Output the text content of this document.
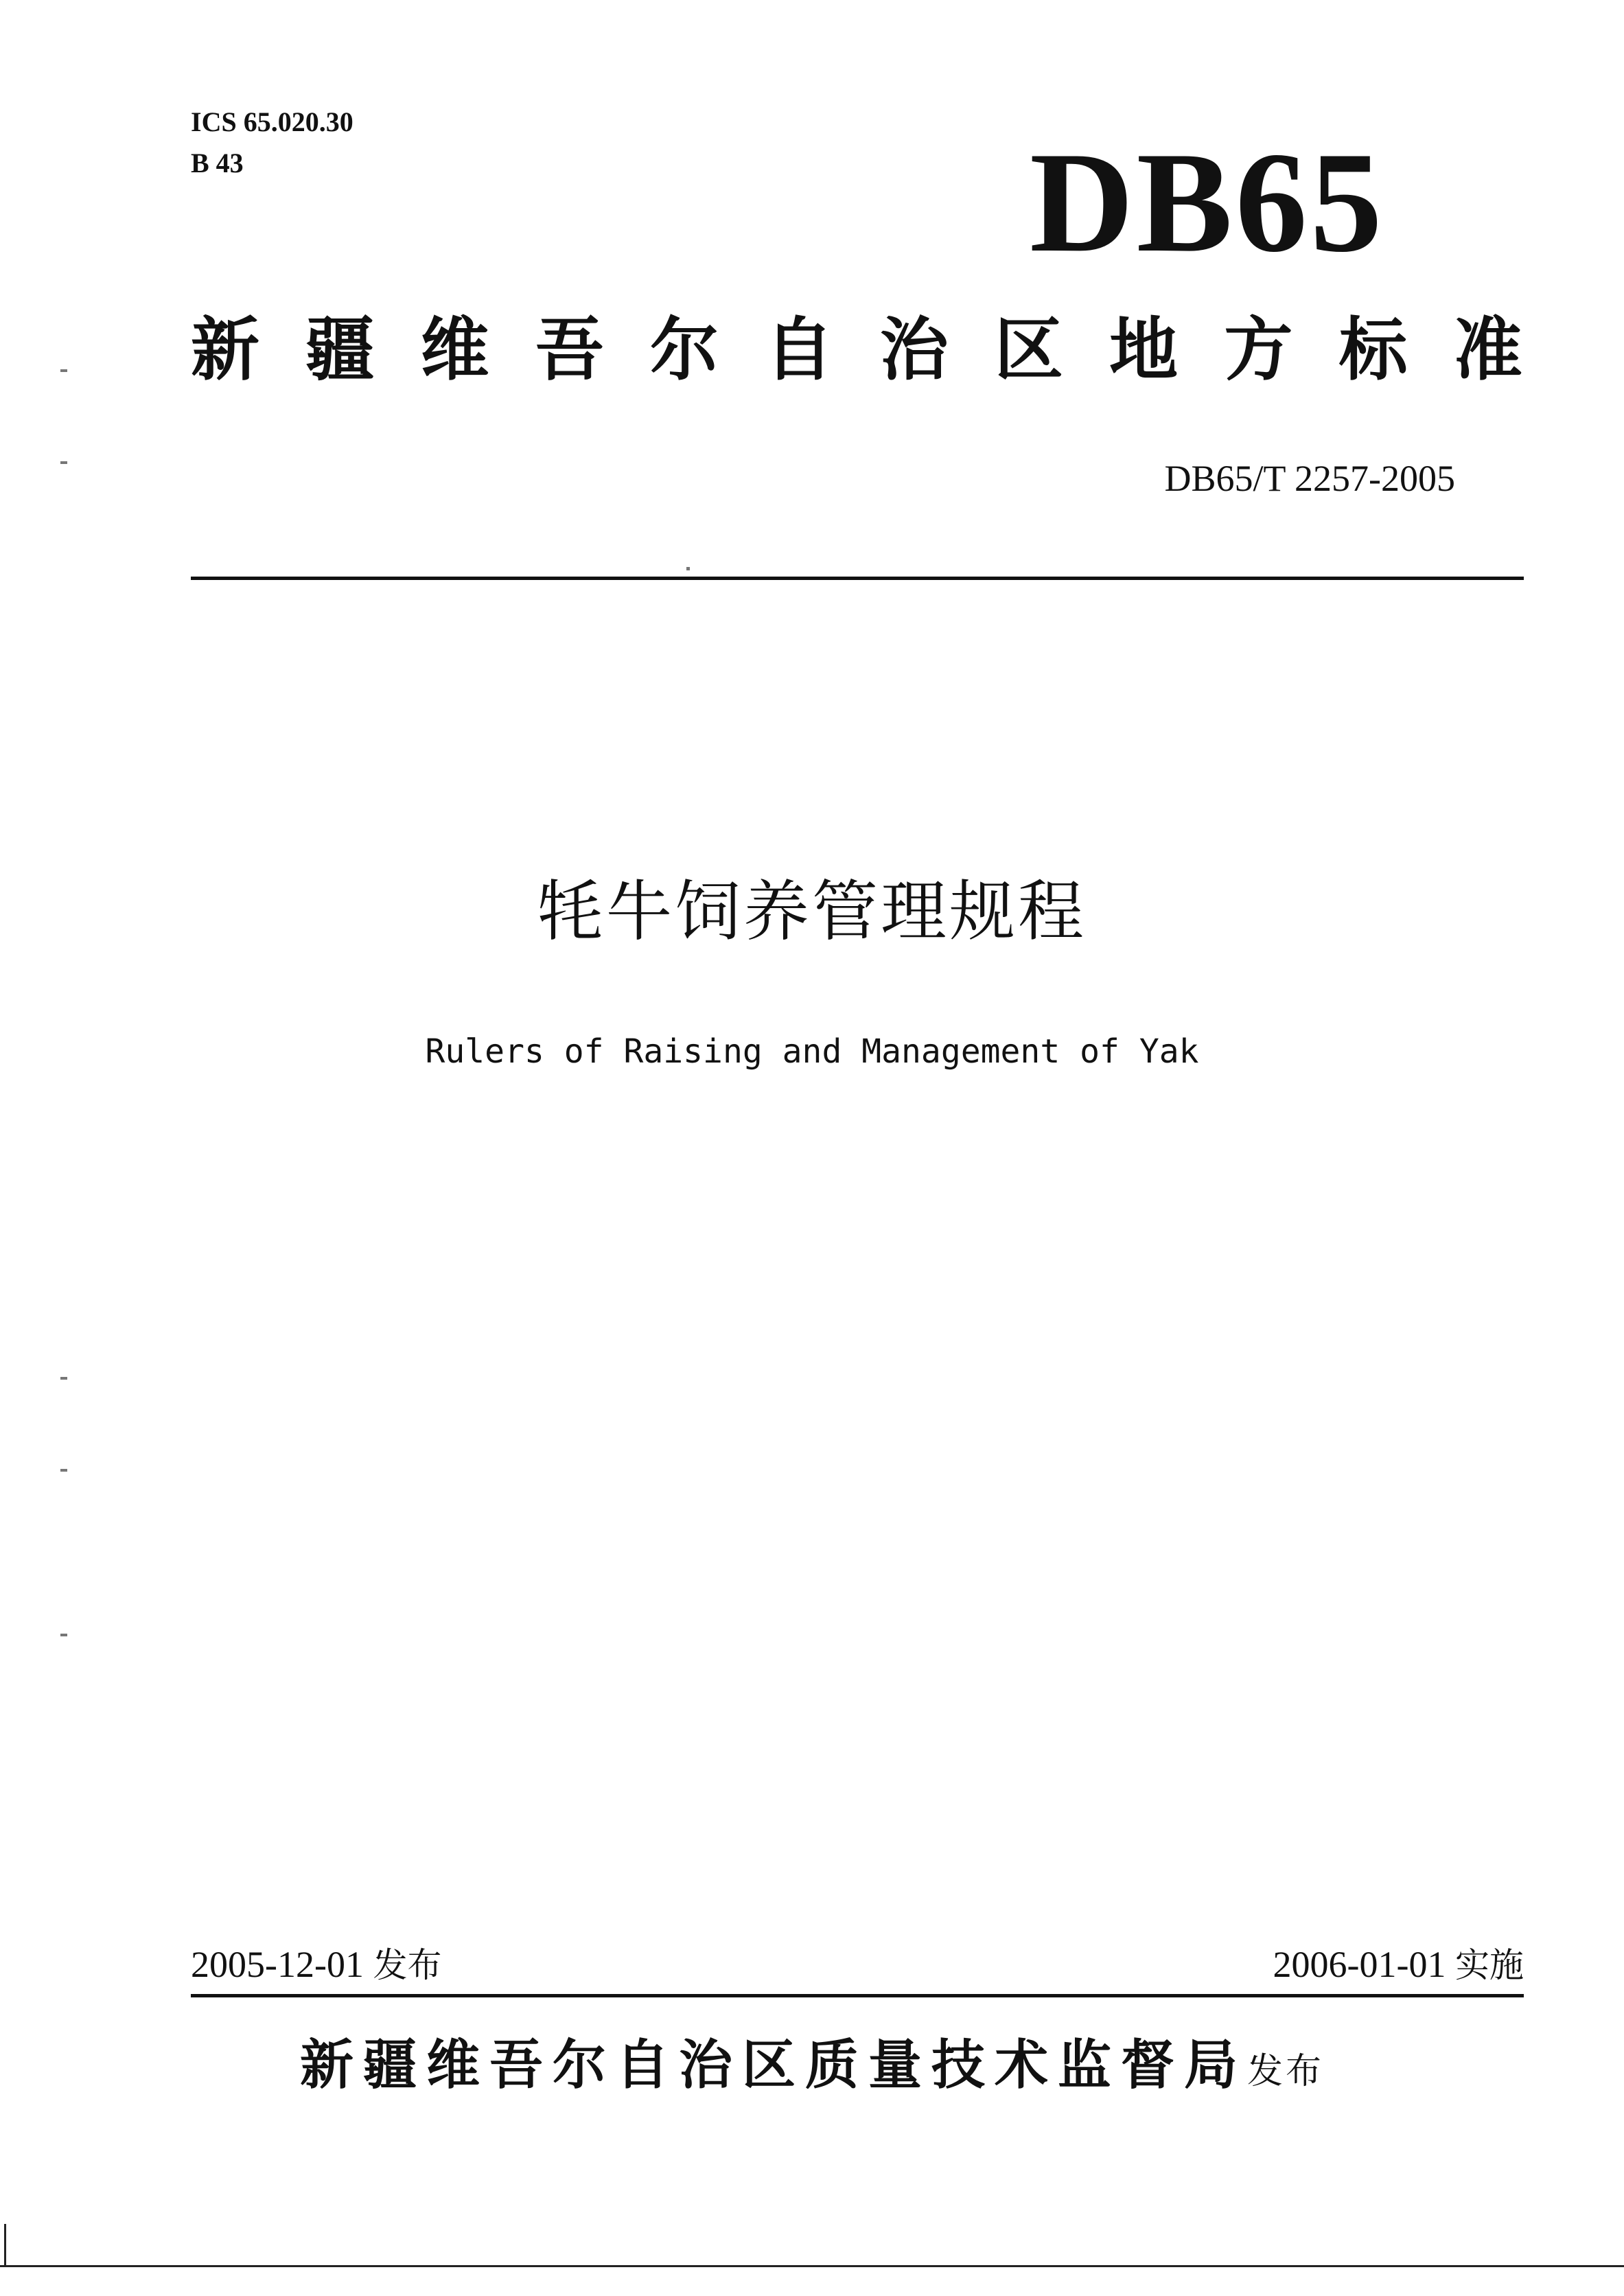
ICS 65.020.30
B 43	DB65
新 疆 维 吾 尔 自 治 区 地 方 标 准
DB65/T 2257-2005
牦牛饲养管理规程
Rulers of Raising and Management of Yak
2005-12-01 发布	2006-01-01 实施
新疆维吾尔自治区质量技术监督局发布
